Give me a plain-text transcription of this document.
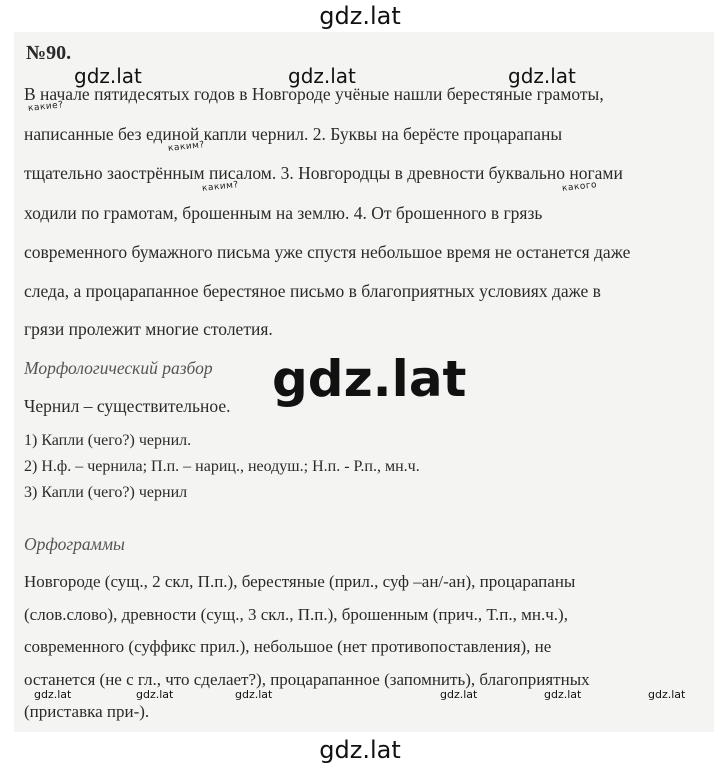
gdz.lat
№90.
gdz.lat	gdz.lat	gdz.lat
какие?
каким?
каким?	какого
В начале пятидесятых годов в Новгороде учёные нашли берестяные грамоты,
написанные без единой капли чернил. 2. Буквы на берёсте процарапаны
тщательно заострённым писалом. 3. Новгородцы в древности буквально ногами
ходили по грамотам, брошенным на землю. 4. От брошенного в грязь
современного бумажного письма уже спустя небольшое время не останется даже
следа, а процарапанное берестяное письмо в благоприятных условиях даже в
грязи пролежит многие столетия.
Морфологический разбор gdz.lat
Чернил – существительное.
1) Капли (чего?) чернил.
2) Н.ф. – чернила; П.п. – нариц., неодуш.; Н.п. - Р.п., мн.ч.
3) Капли (чего?) чернил
Орфограммы
Новгороде (сущ., 2 скл, П.п.), берестяные (прил., суф –ан/-ан), процарапаны
(слов.слово), древности (сущ., 3 скл., П.п.), брошенным (прич., Т.п., мн.ч.),
современного (суффикс прил.), небольшое (нет противопоставления), не
останется (не с гл., что сделает?), процарапанное (запомнить), благоприятных
(приставка при-).
gdz.lat	gdz.lat	gdz.lat	gdz.lat	gdz.lat	gdz.lat
gdz.lat
